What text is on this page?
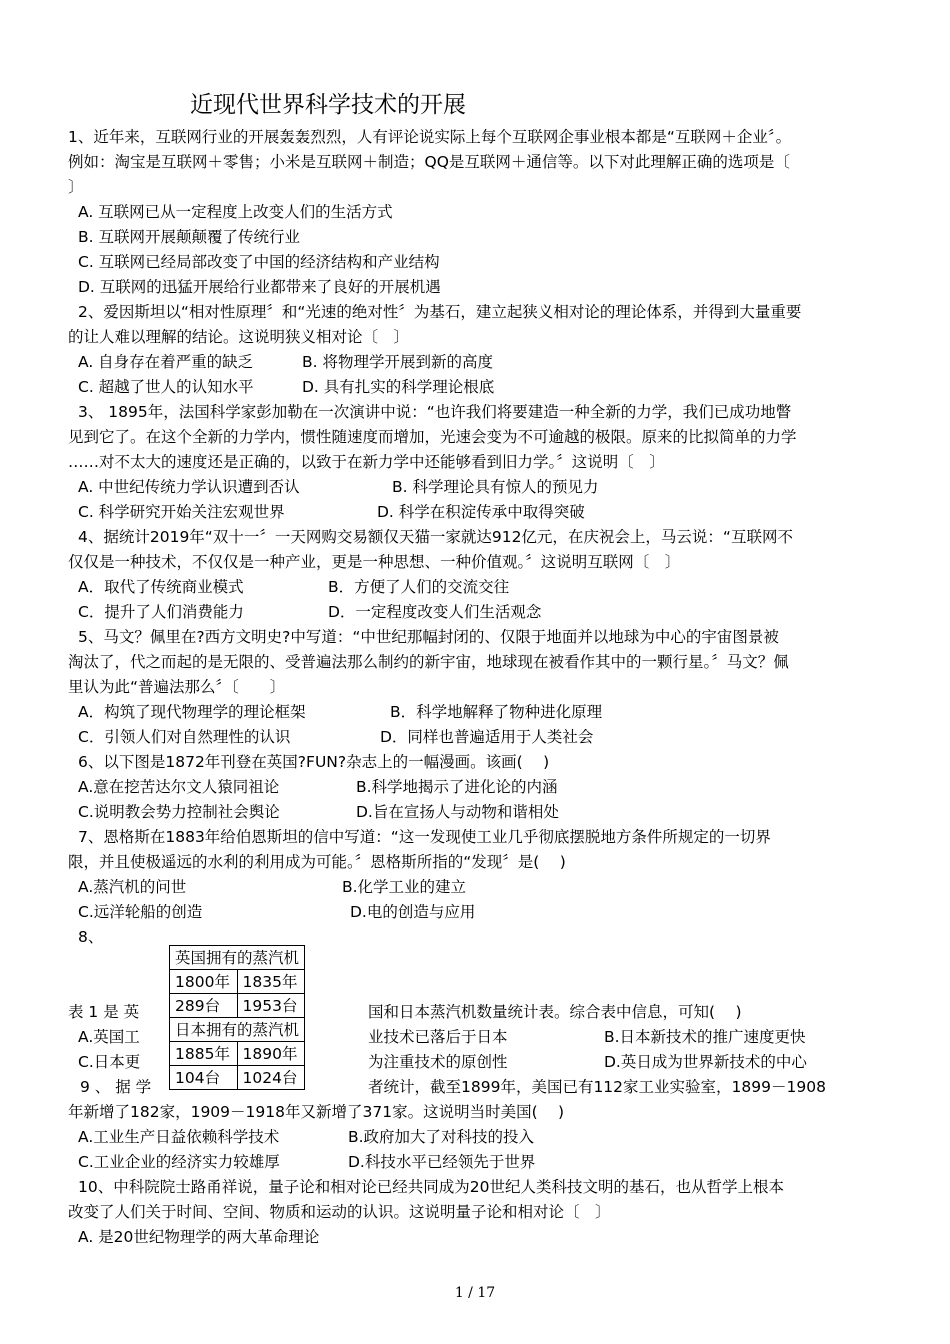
近现代世界科学技术的开展
1、近年来，互联网行业的开展轰轰烈烈，人有评论说实际上每个互联网企事业根本都是“互联网＋企业〞。
例如：淘宝是互联网＋零售；小米是互联网＋制造；QQ是互联网＋通信等。以下对此理解正确的选项是〔
〕
A. 互联网已从一定程度上改变人们的生活方式
B. 互联网开展颠颠覆了传统行业
C. 互联网已经局部改变了中国的经济结构和产业结构
D. 互联网的迅猛开展给行业都带来了良好的开展机遇
2、爱因斯坦以“相对性原理〞和“光速的绝对性〞为基石，建立起狭义相对论的理论体系，并得到大量重要
的让人难以理解的结论。这说明狭义相对论〔　〕
A. 自身存在着严重的缺乏	B. 将物理学开展到新的高度
C. 超越了世人的认知水平	D. 具有扎实的科学理论根底
3、 1895年，法国科学家彭加勒在一次演讲中说：“也许我们将要建造一种全新的力学，我们已成功地瞥
见到它了。在这个全新的力学内，惯性随速度而增加，光速会变为不可逾越的极限。原来的比拟简单的力学
……对不太大的速度还是正确的，以致于在新力学中还能够看到旧力学。〞这说明〔　〕
A. 中世纪传统力学认识遭到否认	B. 科学理论具有惊人的预见力
C. 科学研究开始关注宏观世界	D. 科学在积淀传承中取得突破
4、据统计2019年“双十一〞一天网购交易额仅天猫一家就达912亿元，在庆祝会上，马云说：“互联网不
仅仅是一种技术，不仅仅是一种产业，更是一种思想、一种价值观。〞这说明互联网〔　〕
A．取代了传统商业模式	B．方便了人们的交流交往
C．提升了人们消费能力	D．一定程度改变人们生活观念
5、马文？佩里在?西方文明史?中写道：“中世纪那幅封闭的、仅限于地面并以地球为中心的宇宙图景被
淘汰了，代之而起的是无限的、受普遍法那么制约的新宇宙，地球现在被看作其中的一颗行星。〞马文？佩
里认为此“普遍法那么〞〔　　〕
A．构筑了现代物理学的理论框架	B．科学地解释了物种进化原理
C．引领人们对自然理性的认识	D．同样也普遍适用于人类社会
6、以下图是1872年刊登在英国?FUN?杂志上的一幅漫画。该画(　 )
A.意在挖苦达尔文人猿同祖论	B.科学地揭示了进化论的内涵
C.说明教会势力控制社会舆论	D.旨在宣扬人与动物和谐相处
7、恩格斯在1883年给伯恩斯坦的信中写道：“这一发现使工业几乎彻底摆脱地方条件所规定的一切界
限，并且使极遥远的水利的利用成为可能。〞恩格斯所指的“发现〞是(　 )
A.蒸汽机的问世	B.化学工业的建立
C.远洋轮船的创造	D.电的创造与应用
8、
表 1 是 英	国和日本蒸汽机数量统计表。综合表中信息，可知(　 )
A.英国工	业技术已落后于日本	B.日本新技术的推广速度更快
C.日本更	为注重技术的原创性	D.英日成为世界新技术的中心
英国拥有的蒸汽机	
1800年	1835年
289台	1953台
日本拥有的蒸汽机	
1885年	1890年
104台	1024台
9 、 据 学	者统计，截至1899年，美国已有112家工业实验室，1899－1908
年新增了182家，1909－1918年又新增了371家。这说明当时美国(　 )
A.工业生产日益依赖科学技术	B.政府加大了对科技的投入
C.工业企业的经济实力较雄厚	D.科技水平已经领先于世界
10、中科院院士路甬祥说，量子论和相对论已经共同成为20世纪人类科技文明的基石，也从哲学上根本
改变了人们关于时间、空间、物质和运动的认识。这说明量子论和相对论〔　〕
A. 是20世纪物理学的两大革命理论
1 / 17
